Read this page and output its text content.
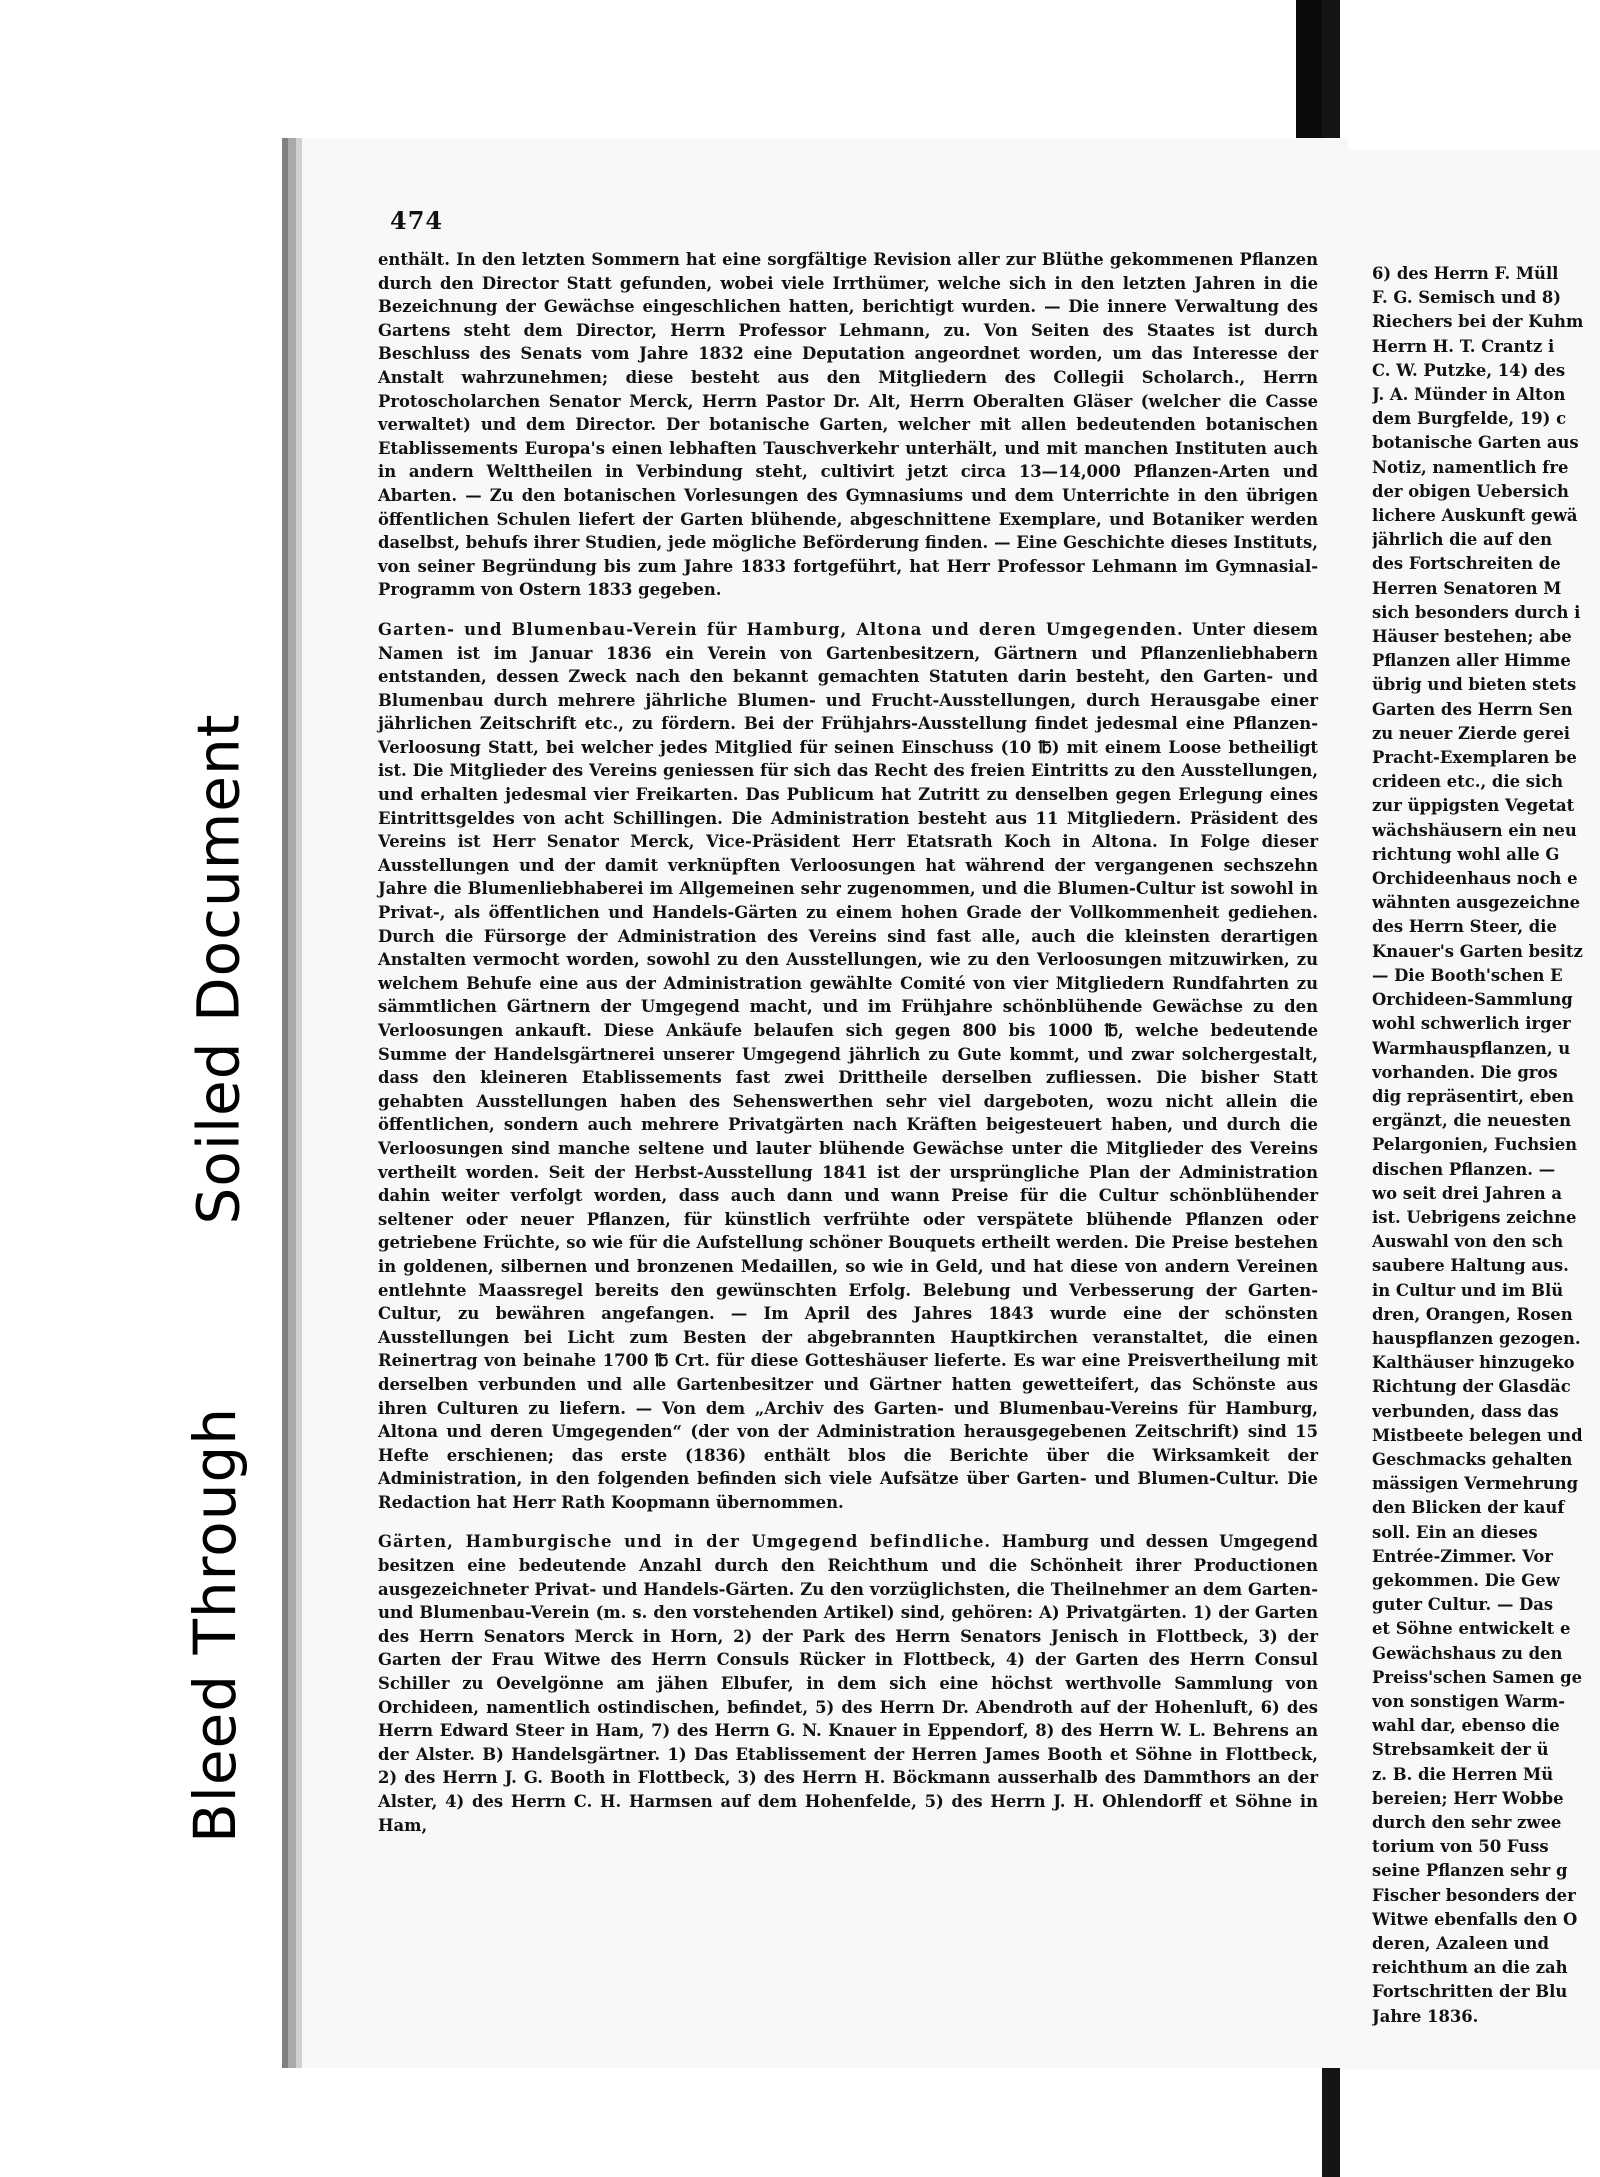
474

enthält. In den letzten Sommern hat eine sorgfältige Revision aller zur Blüthe gekommenen Pflanzen durch den Director Statt gefunden, wobei viele Irrthümer, welche sich in den letzten Jahren in die Bezeichnung der Gewächse eingeschlichen hatten, berichtigt wurden. — Die innere Verwaltung des Gartens steht dem Director, Herrn Professor Lehmann, zu. Von Seiten des Staates ist durch Beschluss des Senats vom Jahre 1832 eine Deputation angeordnet worden, um das Interesse der Anstalt wahrzunehmen; diese besteht aus den Mitgliedern des Collegii Scholarch., Herrn Protoscholarchen Senator Merck, Herrn Pastor Dr. Alt, Herrn Oberalten Gläser (welcher die Casse verwaltet) und dem Director. Der botanische Garten, welcher mit allen bedeutenden botanischen Etablissements Europa's einen lebhaften Tauschverkehr unterhält, und mit manchen Instituten auch in andern Welttheilen in Verbindung steht, cultivirt jetzt circa 13—14,000 Pflanzen-Arten und Abarten. — Zu den botanischen Vorlesungen des Gymnasiums und dem Unterrichte in den übrigen öffentlichen Schulen liefert der Garten blühende, abgeschnittene Exemplare, und Botaniker werden daselbst, behufs ihrer Studien, jede mögliche Beförderung finden. — Eine Geschichte dieses Instituts, von seiner Begründung bis zum Jahre 1833 fortgeführt, hat Herr Professor Lehmann im Gymnasial-Programm von Ostern 1833 gegeben.

Garten- und Blumenbau-Verein für Hamburg, Altona und deren Umgegenden. Unter diesem Namen ist im Januar 1836 ein Verein von Gartenbesitzern, Gärtnern und Pflanzenliebhabern entstanden, dessen Zweck nach den bekannt gemachten Statuten darin besteht, den Garten- und Blumenbau durch mehrere jährliche Blumen- und Frucht-Ausstellungen, durch Herausgabe einer jährlichen Zeitschrift etc., zu fördern. Bei der Frühjahrs-Ausstellung findet jedesmal eine Pflanzen-Verloosung Statt, bei welcher jedes Mitglied für seinen Einschuss (10 ℔) mit einem Loose betheiligt ist. Die Mitglieder des Vereins geniessen für sich das Recht des freien Eintritts zu den Ausstellungen, und erhalten jedesmal vier Freikarten. Das Publicum hat Zutritt zu denselben gegen Erlegung eines Eintrittsgeldes von acht Schillingen. Die Administration besteht aus 11 Mitgliedern. Präsident des Vereins ist Herr Senator Merck, Vice-Präsident Herr Etatsrath Koch in Altona. In Folge dieser Ausstellungen und der damit verknüpften Verloosungen hat während der vergangenen sechszehn Jahre die Blumenliebhaberei im Allgemeinen sehr zugenommen, und die Blumen-Cultur ist sowohl in Privat-, als öffentlichen und Handels-Gärten zu einem hohen Grade der Vollkommenheit gediehen. Durch die Fürsorge der Administration des Vereins sind fast alle, auch die kleinsten derartigen Anstalten vermocht worden, sowohl zu den Ausstellungen, wie zu den Verloosungen mitzuwirken, zu welchem Behufe eine aus der Administration gewählte Comité von vier Mitgliedern Rundfahrten zu sämmtlichen Gärtnern der Umgegend macht, und im Frühjahre schönblühende Gewächse zu den Verloosungen ankauft. Diese Ankäufe belaufen sich gegen 800 bis 1000 ℔, welche bedeutende Summe der Handelsgärtnerei unserer Umgegend jährlich zu Gute kommt, und zwar solchergestalt, dass den kleineren Etablissements fast zwei Drittheile derselben zufliessen. Die bisher Statt gehabten Ausstellungen haben des Sehenswerthen sehr viel dargeboten, wozu nicht allein die öffentlichen, sondern auch mehrere Privatgärten nach Kräften beigesteuert haben, und durch die Verloosungen sind manche seltene und lauter blühende Gewächse unter die Mitglieder des Vereins vertheilt worden. Seit der Herbst-Ausstellung 1841 ist der ursprüngliche Plan der Administration dahin weiter verfolgt worden, dass auch dann und wann Preise für die Cultur schönblühender seltener oder neuer Pflanzen, für künstlich verfrühte oder verspätete blühende Pflanzen oder getriebene Früchte, so wie für die Aufstellung schöner Bouquets ertheilt werden. Die Preise bestehen in goldenen, silbernen und bronzenen Medaillen, so wie in Geld, und hat diese von andern Vereinen entlehnte Maassregel bereits den gewünschten Erfolg. Belebung und Verbesserung der Garten-Cultur, zu bewähren angefangen. — Im April des Jahres 1843 wurde eine der schönsten Ausstellungen bei Licht zum Besten der abgebrannten Hauptkirchen veranstaltet, die einen Reinertrag von beinahe 1700 ℔ Crt. für diese Gotteshäuser lieferte. Es war eine Preisvertheilung mit derselben verbunden und alle Gartenbesitzer und Gärtner hatten gewetteifert, das Schönste aus ihren Culturen zu liefern. — Von dem „Archiv des Garten- und Blumenbau-Vereins für Hamburg, Altona und deren Umgegenden“ (der von der Administration herausgegebenen Zeitschrift) sind 15 Hefte erschienen; das erste (1836) enthält blos die Berichte über die Wirksamkeit der Administration, in den folgenden befinden sich viele Aufsätze über Garten- und Blumen-Cultur. Die Redaction hat Herr Rath Koopmann übernommen.

Gärten, Hamburgische und in der Umgegend befindliche. Hamburg und dessen Umgegend besitzen eine bedeutende Anzahl durch den Reichthum und die Schönheit ihrer Productionen ausgezeichneter Privat- und Handels-Gärten. Zu den vorzüglichsten, die Theilnehmer an dem Garten- und Blumenbau-Verein (m. s. den vorstehenden Artikel) sind, gehören: A) Privatgärten. 1) der Garten des Herrn Senators Merck in Horn, 2) der Park des Herrn Senators Jenisch in Flottbeck, 3) der Garten der Frau Witwe des Herrn Consuls Rücker in Flottbeck, 4) der Garten des Herrn Consul Schiller zu Oevelgönne am jähen Elbufer, in dem sich eine höchst werthvolle Sammlung von Orchideen, namentlich ostindischen, befindet, 5) des Herrn Dr. Abendroth auf der Hohenluft, 6) des Herrn Edward Steer in Ham, 7) des Herrn G. N. Knauer in Eppendorf, 8) des Herrn W. L. Behrens an der Alster. B) Handelsgärtner. 1) Das Etablissement der Herren James Booth et Söhne in Flottbeck, 2) des Herrn J. G. Booth in Flottbeck, 3) des Herrn H. Böckmann ausserhalb des Dammthors an der Alster, 4) des Herrn C. H. Harmsen auf dem Hohenfelde, 5) des Herrn J. H. Ohlendorff et Söhne in Ham,

6) des Herrn F. Müll
F. G. Semisch und 8)
Riechers bei der Kuhm
Herrn H. T. Crantz i
C. W. Putzke, 14) des
J. A. Münder in Alton
dem Burgfelde, 19) c
botanische Garten aus
Notiz, namentlich fre
der obigen Uebersich
lichere Auskunft gewä
jährlich die auf den
des Fortschreiten de
Herren Senatoren M
sich besonders durch i
Häuser bestehen; abe
Pflanzen aller Himme
übrig und bieten stets
Garten des Herrn Sen
zu neuer Zierde gerei
Pracht-Exemplaren be
crideen etc., die sich
zur üppigsten Vegetat
wächshäusern ein neu
richtung wohl alle G
Orchideenhaus noch e
wähnten ausgezeichne
des Herrn Steer, die
Knauer's Garten besitz
— Die Booth'schen E
Orchideen-Sammlung
wohl schwerlich irger
Warmhauspflanzen, u
vorhanden. Die gros
dig repräsentirt, eben
ergänzt, die neuesten
Pelargonien, Fuchsien
dischen Pflanzen. —
wo seit drei Jahren a
ist. Uebrigens zeichne
Auswahl von den sch
saubere Haltung aus.
in Cultur und im Blü
dren, Orangen, Rosen
hauspflanzen gezogen.
Kalthäuser hinzugeko
Richtung der Glasdäc
verbunden, dass das
Mistbeete belegen und
Geschmacks gehalten
mässigen Vermehrung
den Blicken der kauf
soll. Ein an dieses
Entrée-Zimmer. Vor
gekommen. Die Gew
guter Cultur. — Das
et Söhne entwickelt e
Gewächshaus zu den
Preiss'schen Samen ge
von sonstigen Warm-
wahl dar, ebenso die
Strebsamkeit der ü
z. B. die Herren Mü
bereien; Herr Wobbe
durch den sehr zwee
torium von 50 Fuss
seine Pflanzen sehr g
Fischer besonders der
Witwe ebenfalls den O
deren, Azaleen und
reichthum an die zah
Fortschritten der Blu
Jahre 1836.
Soiled Document
Bleed Through
